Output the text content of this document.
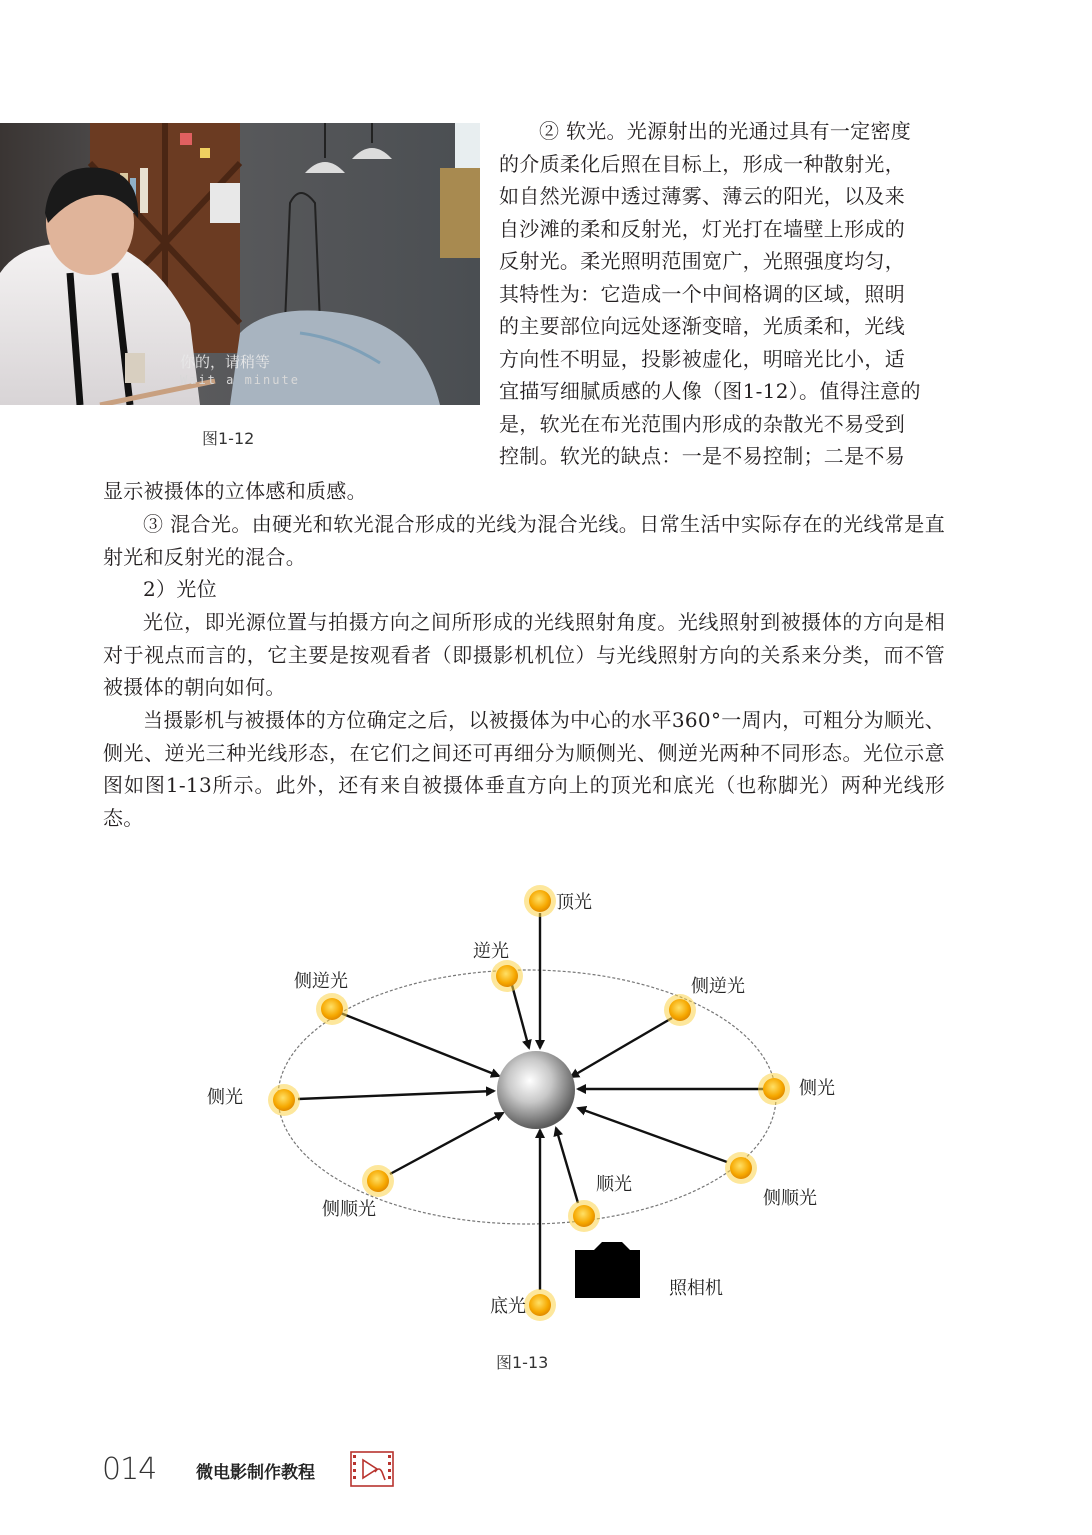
你的，请稍等
Wait a minute
图1-12
② 软光。光源射出的光通过具有一定密度
的介质柔化后照在目标上，形成一种散射光，
如自然光源中透过薄雾、薄云的阳光，以及来
自沙滩的柔和反射光，灯光打在墙壁上形成的
反射光。柔光照明范围宽广，光照强度均匀，
其特性为：它造成一个中间格调的区域，照明
的主要部位向远处逐渐变暗，光质柔和，光线
方向性不明显，投影被虚化，明暗光比小，适
宜描写细腻质感的人像（图1-12）。值得注意的
是，软光在布光范围内形成的杂散光不易受到
控制。软光的缺点：一是不易控制；二是不易

显示被摄体的立体感和质感。

③ 混合光。由硬光和软光混合形成的光线为混合光线。日常生活中实际存在的光线常是直射光和反射光的混合。

2）光位

光位，即光源位置与拍摄方向之间所形成的光线照射角度。光线照射到被摄体的方向是相对于视点而言的，它主要是按观看者（即摄影机机位）与光线照射方向的关系来分类，而不管被摄体的朝向如何。

当摄影机与被摄体的方位确定之后，以被摄体为中心的水平360°一周内，可粗分为顺光、侧光、逆光三种光线形态，在它们之间还可再细分为顺侧光、侧逆光两种不同形态。光位示意图如图1-13所示。此外，还有来自被摄体垂直方向上的顶光和底光（也称脚光）两种光线形态。

顶光
逆光
侧逆光	侧逆光
侧光	侧光
侧顺光
侧顺光
顺光
底光
照相机
图1-13
014 微电影制作教程
